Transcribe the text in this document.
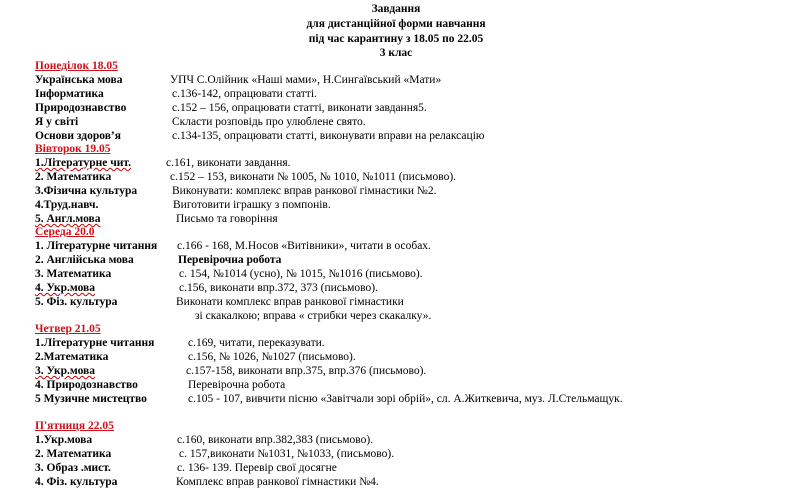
Завдання
для дистанційної форми навчання
під час карантину з 18.05 по 22.05
3 клас
Понеділок 18.05
Українська мова	УПЧ С.Олійник «Наші мами», Н.Сингаївський «Мати»
Інформатика	с.136-142, опрацювати статті.
Природознавство	с.152 – 156, опрацювати статті, виконати завдання5.
Я у світі	Скласти розповідь про улюблене свято.
Основи здоров’я	с.134-135, опрацювати статті, виконувати вправи на релаксацію
Вівторок 19.05
1.Літературне чит.	с.161, виконати завдання.
2. Математика	с.152 – 153, виконати № 1005, № 1010, №1011 (письмово).
3.Фізична культура	Виконувати: комплекс вправ ранкової гімнастики №2.
4.Труд.навч.	Виготовити іграшку з помпонів.
5. Англ.мова	Письмо та говоріння
Середа 20.0
1. Літературне читання с.166 - 168, М.Носов «Витівники», читати в особах.
2. Англійська мова	Перевірочна робота
3. Математика	с. 154, №1014 (усно), № 1015, №1016 (письмово).
4. Укр.мова	с.156, виконати впр.372, 373 (письмово).
5. Фіз. культура	Виконати комплекс вправ ранкової гімнастики
зі скакалкою; вправа « стрибки через скакалку».
Четвер 21.05
1.Літературне читання	с.169, читати, переказувати.
2.Математика	с.156, № 1026, №1027 (письмово).
3. Укр.мова	с.157-158, виконати впр.375, впр.376 (письмово).
4. Природознавство	Перевірочна робота
5 Музичне мистецтво	с.105 - 107, вивчити пісню «Завітчали зорі обрій», сл. А.Житкевича, муз. Л.Стельмащук.
П'ятниця 22.05
1.Укр.мова	с.160, виконати впр.382,383 (письмово).
2. Математика	с. 157,виконати №1031, №1033, (письмово).
3. Образ .мист.	с. 136- 139. Перевір свої досягне
4. Фіз. культура	Комплекс вправ ранкової гімнастики №4.
